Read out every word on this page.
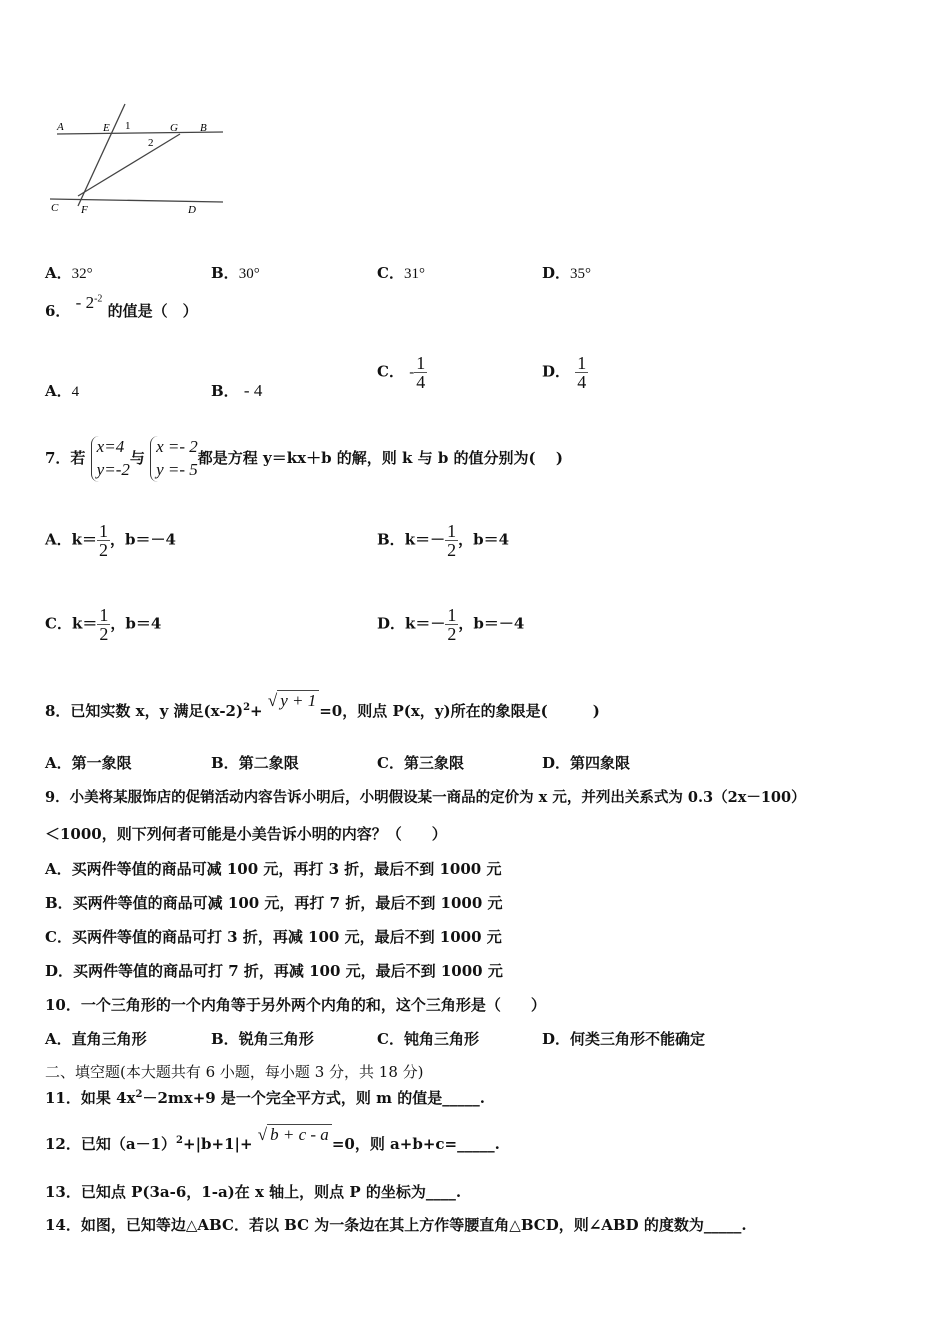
A	E 1	G B
2
C F	D
A．32°	B．30°	C．31°	D．35°
6． - $2^{-2}$ 的值是（　）
A．4	B． - 4
C． - $\frac{1}{4}$	D． $\frac{1}{4}$
7．若 x=4
y=-2与 x =- 2
y =- 5都是方程 y＝kx＋b 的解，则 k 与 b 的值分别为(　 )
A．$k= \frac{1}{2}$ ，b＝－4	B．$k=- \frac{1}{2}$ ，b＝4
C．$k= \frac{1}{2}$ ，b＝4	D．$k=- \frac{1}{2}$ ，b＝－4
8．已知实数 x，y 满足$(x-2)^2+$ √ y + 1=0，则点 P(x，y)所在的象限是(　　　)
A．第一象限	B．第二象限	C．第三象限	D．第四象限
9．小美将某服饰店的促销活动内容告诉小明后，小明假设某一商品的定价为 x 元，并列出关系式为 0.3（2x－100）
＜1000，则下列何者可能是小美告诉小明的内容？（　　）
A．买两件等值的商品可减 100 元，再打 3 折，最后不到 1000 元
B．买两件等值的商品可减 100 元，再打 7 折，最后不到 1000 元
C．买两件等值的商品可打 3 折，再减 100 元，最后不到 1000 元
D．买两件等值的商品可打 7 折，再减 100 元，最后不到 1000 元
10．一个三角形的一个内角等于另外两个内角的和，这个三角形是（　　）
A．直角三角形	B．锐角三角形	C．钝角三角形	D．何类三角形不能确定
二、填空题(本大题共有 6 小题，每小题 3 分，共 18 分)
11．如果 $4x^2-2mx+9$ 是一个完全平方式，则 m 的值是_____.
12．已知$(a-1)^2+|b+1|+$ √ b + c - a =0，则 a+b+c=_____.
13．已知点 P(3a-6，1-a)在 x 轴上，则点 P 的坐标为____.
14．如图，已知等边△ABC．若以 BC 为一条边在其上方作等腰直角△BCD，则∠ABD 的度数为_____.
